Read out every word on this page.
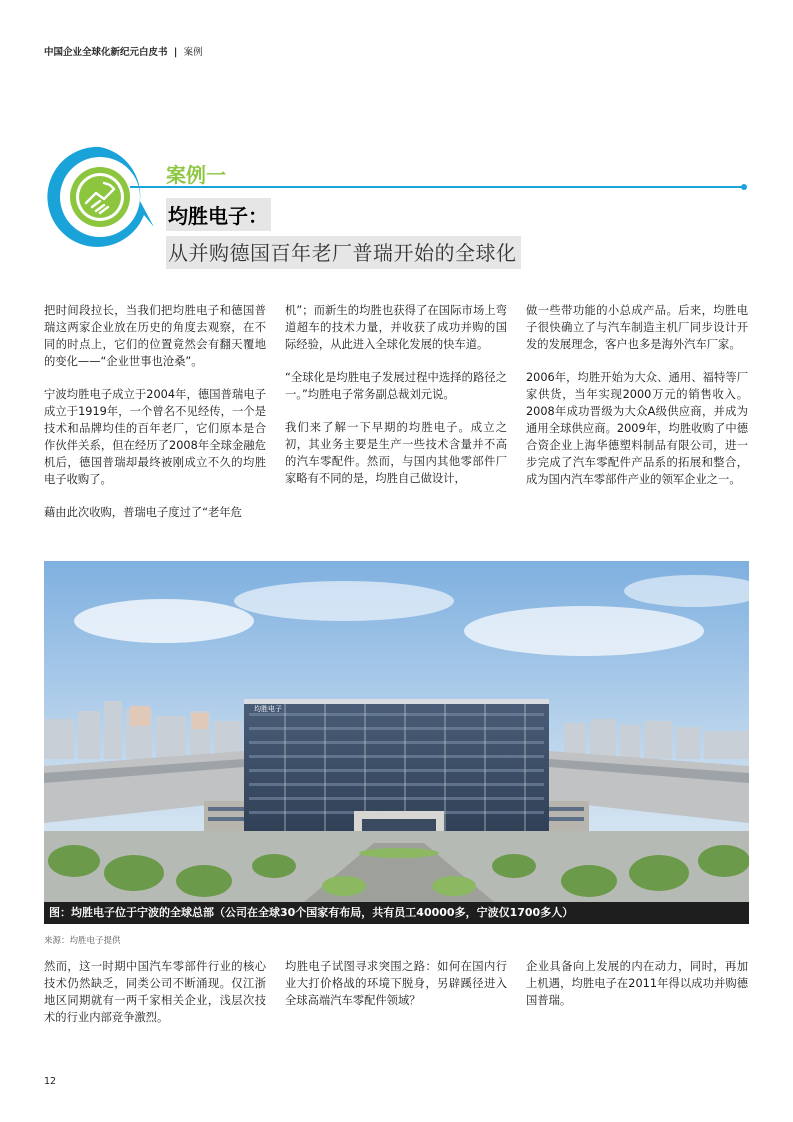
中国企业全球化新纪元白皮书 | 案例
案例一
均胜电子：
从并购德国百年老厂普瑞开始的全球化

把时间段拉长，当我们把均胜电子和德国普瑞这两家企业放在历史的角度去观察，在不同的时点上，它们的位置竟然会有翻天覆地的变化——“企业世事也沧桑”。

宁波均胜电子成立于2004年，德国普瑞电子成立于1919年，一个曾名不见经传，一个是技术和品牌均佳的百年老厂，它们原本是合作伙伴关系，但在经历了2008年全球金融危机后，德国普瑞却最终被刚成立不久的均胜电子收购了。

藉由此次收购，普瑞电子度过了“老年危

机”；而新生的均胜也获得了在国际市场上弯道超车的技术力量，并收获了成功并购的国际经验，从此进入全球化发展的快车道。

“全球化是均胜电子发展过程中选择的路径之一。”均胜电子常务副总裁刘元说。

我们来了解一下早期的均胜电子。成立之初，其业务主要是生产一些技术含量并不高的汽车零配件。然而，与国内其他零部件厂家略有不同的是，均胜自己做设计，

做一些带功能的小总成产品。后来，均胜电子很快确立了与汽车制造主机厂同步设计开发的发展理念，客户也多是海外汽车厂家。

2006年，均胜开始为大众、通用、福特等厂家供货，当年实现2000万元的销售收入。2008年成功晋级为大众A级供应商，并成为通用全球供应商。2009年，均胜收购了中德合资企业上海华德塑料制品有限公司，进一步完成了汽车零配件产品系的拓展和整合，成为国内汽车零部件产业的领军企业之一。

均胜电子
图：均胜电子位于宁波的全球总部（公司在全球30个国家有布局，共有员工40000多，宁波仅1700多人）
来源：均胜电子提供

然而，这一时期中国汽车零部件行业的核心技术仍然缺乏，同类公司不断涌现。仅江浙地区同期就有一两千家相关企业，浅层次技术的行业内部竞争激烈。

均胜电子试图寻求突围之路：如何在国内行业大打价格战的环境下脱身，另辟蹊径进入全球高端汽车零配件领域？

企业具备向上发展的内在动力，同时，再加上机遇，均胜电子在2011年得以成功并购德国普瑞。

12
